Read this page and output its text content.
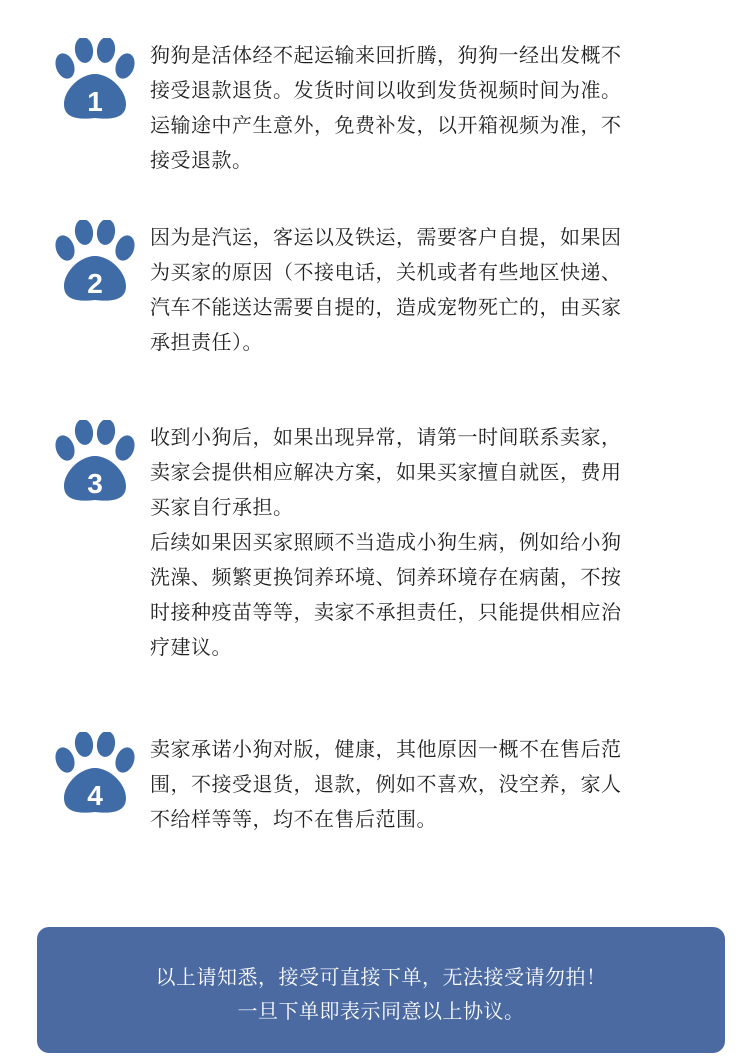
1
狗狗是活体经不起运输来回折腾，狗狗一经出发概不
接受退款退货。发货时间以收到发货视频时间为准。
运输途中产生意外，免费补发，以开箱视频为准，不
接受退款。
2
因为是汽运，客运以及铁运，需要客户自提，如果因
为买家的原因（不接电话，关机或者有些地区快递、
汽车不能送达需要自提的，造成宠物死亡的，由买家
承担责任）。
3
收到小狗后，如果出现异常，请第一时间联系卖家，
卖家会提供相应解决方案，如果买家擅自就医，费用
买家自行承担。
后续如果因买家照顾不当造成小狗生病，例如给小狗
洗澡、频繁更换饲养环境、饲养环境存在病菌，不按
时接种疫苗等等，卖家不承担责任，只能提供相应治
疗建议。
4
卖家承诺小狗对版，健康，其他原因一概不在售后范
围，不接受退货，退款，例如不喜欢，没空养，家人
不给样等等，均不在售后范围。
以上请知悉，接受可直接下单，无法接受请勿拍！
一旦下单即表示同意以上协议。
